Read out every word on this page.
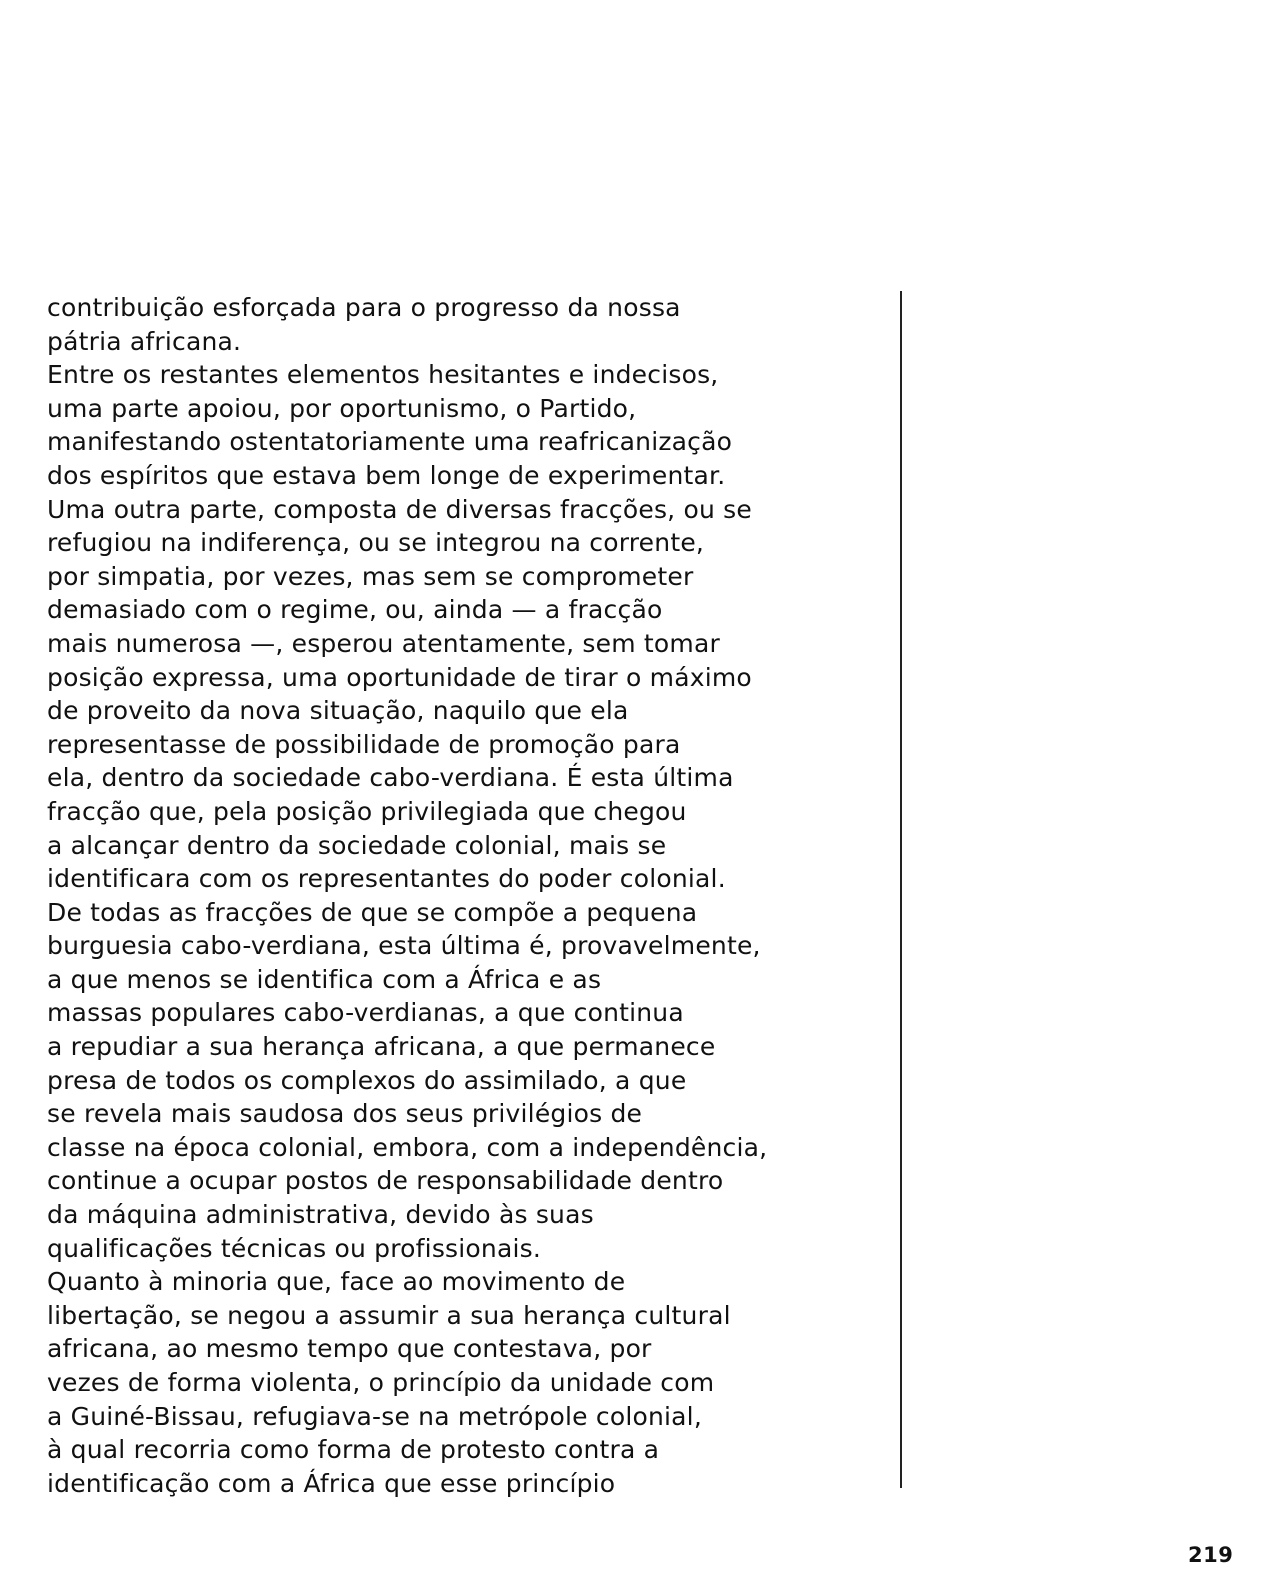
contribuição esforçada para o progresso da nossa
pátria africana.
Entre os restantes elementos hesitantes e indecisos,
uma parte apoiou, por oportunismo, o Partido,
manifestando ostentatoriamente uma reafricanização
dos espíritos que estava bem longe de experimentar.
Uma outra parte, composta de diversas fracções, ou se
refugiou na indiferença, ou se integrou na corrente,
por simpatia, por vezes, mas sem se comprometer
demasiado com o regime, ou, ainda — a fracção
mais numerosa —, esperou atentamente, sem tomar
posição expressa, uma oportunidade de tirar o máximo
de proveito da nova situação, naquilo que ela
representasse de possibilidade de promoção para
ela, dentro da sociedade cabo-verdiana. É esta última
fracção que, pela posição privilegiada que chegou
a alcançar dentro da sociedade colonial, mais se
identificara com os representantes do poder colonial.
De todas as fracções de que se compõe a pequena
burguesia cabo-verdiana, esta última é, provavelmente,
a que menos se identifica com a África e as
massas populares cabo-verdianas, a que continua
a repudiar a sua herança africana, a que permanece
presa de todos os complexos do assimilado, a que
se revela mais saudosa dos seus privilégios de
classe na época colonial, embora, com a independência,
continue a ocupar postos de responsabilidade dentro
da máquina administrativa, devido às suas
qualificações técnicas ou profissionais.
Quanto à minoria que, face ao movimento de
libertação, se negou a assumir a sua herança cultural
africana, ao mesmo tempo que contestava, por
vezes de forma violenta, o princípio da unidade com
a Guiné-Bissau, refugiava-se na metrópole colonial,
à qual recorria como forma de protesto contra a
identificação com a África que esse princípio
219
